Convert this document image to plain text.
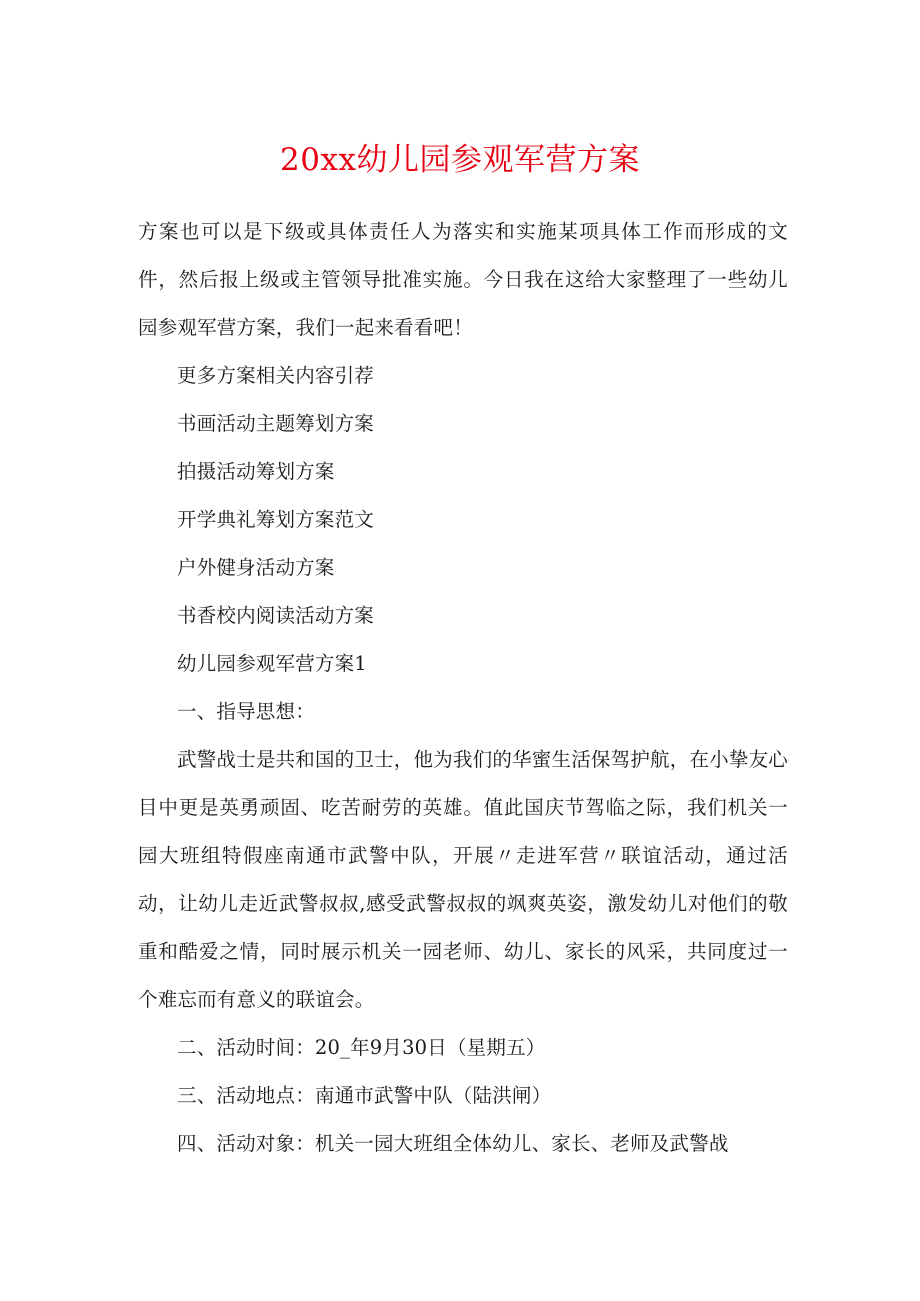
20xx幼儿园参观军营方案

方案也可以是下级或具体责任人为落实和实施某项具体工作而形成的文件，然后报上级或主管领导批准实施。今日我在这给大家整理了一些幼儿园参观军营方案，我们一起来看看吧！

更多方案相关内容引荐

书画活动主题筹划方案

拍摄活动筹划方案

开学典礼筹划方案范文

户外健身活动方案

书香校内阅读活动方案

幼儿园参观军营方案1

一、指导思想：

武警战士是共和国的卫士，他为我们的华蜜生活保驾护航，在小挚友心目中更是英勇顽固、吃苦耐劳的英雄。值此国庆节驾临之际，我们机关一园大班组特假座南通市武警中队，开展〃走进军营〃联谊活动，通过活动，让幼儿走近武警叔叔,感受武警叔叔的飒爽英姿，激发幼儿对他们的敬重和酷爱之情，同时展示机关一园老师、幼儿、家长的风采，共同度过一个难忘而有意义的联谊会。

二、活动时间：20_年9月30日（星期五）

三、活动地点：南通市武警中队（陆洪闸）

四、活动对象：机关一园大班组全体幼儿、家长、老师及武警战
